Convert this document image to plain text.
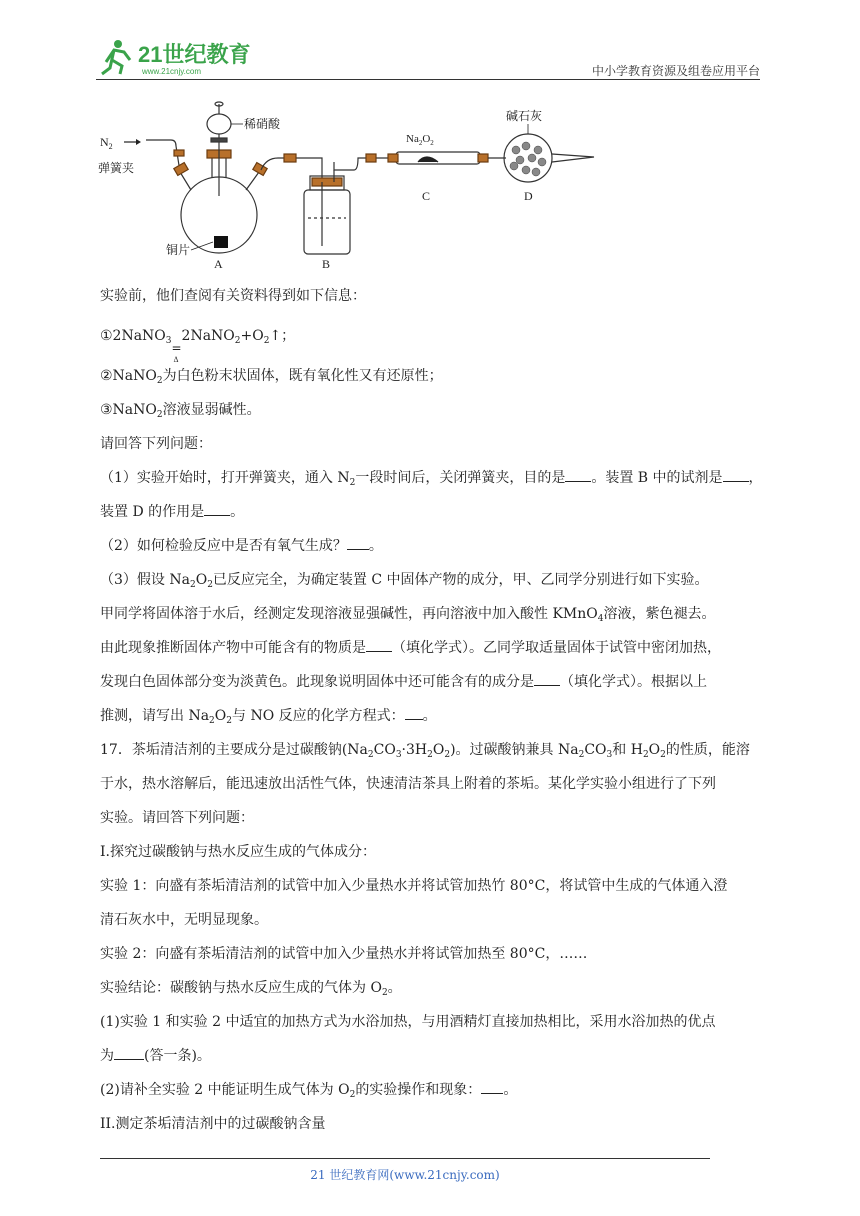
21世纪教育
www.21cnjy.com	中小学教育资源及组卷应用平台
$N_2$
弹簧夹
稀硝酸
铜片
A	B
$Na_2O_2$
C
碱石灰
D
实验前，他们查阅有关资料得到如下信息：
①2NaNO$_3$ =
Δ
$2NaNO_2+O_2↑$；
②NaNO$_2$为白色粉末状固体，既有氧化性又有还原性；
③NaNO$_2$溶液显弱碱性。
请回答下列问题：
（1）实验开始时，打开弹簧夹，通入 $N_2$一段时间后，关闭弹簧夹，目的是 。装置 B 中的试剂是 ，
装置 D 的作用是 。
（2）如何检验反应中是否有氧气生成？ 。
（3）假设 $Na_2O_2$已反应完全，为确定装置 C 中固体产物的成分，甲、乙同学分别进行如下实验。
甲同学将固体溶于水后，经测定发现溶液显强碱性，再向溶液中加入酸性 KMnO$_4$溶液，紫色褪去。
由此现象推断固体产物中可能含有的物质是 （填化学式）。乙同学取适量固体于试管中密闭加热，
发现白色固体部分变为淡黄色。此现象说明固体中还可能含有的成分是 （填化学式）。根据以上
推测，请写出 $Na_2O_2$与 NO 反应的化学方程式： 。
17．茶垢清洁剂的主要成分是过碳酸钠$(Na_2CO_3\cdot 3H_2O_2)$。过碳酸钠兼具 $Na_2CO_3$和 $H_2O_2$的性质，能溶
于水，热水溶解后，能迅速放出活性气体，快速清洁茶具上附着的茶垢。某化学实验小组进行了下列
实验。请回答下列问题：
I.探究过碳酸钠与热水反应生成的气体成分：
实验 1：向盛有茶垢清洁剂的试管中加入少量热水并将试管加热竹 80°C，将试管中生成的气体通入澄
清石灰水中，无明显现象。
实验 2：向盛有茶垢清洁剂的试管中加入少量热水并将试管加热至 80°C，……
实验结论：碳酸钠与热水反应生成的气体为 $O_2$。
(1)实验 1 和实验 2 中适宜的加热方式为水浴加热，与用酒精灯直接加热相比，采用水浴加热的优点
为 (答一条)。
(2)请补全实验 2 中能证明生成气体为 $O_2$的实验操作和现象： 。
II.测定茶垢清洁剂中的过碳酸钠含量
21 世纪教育网(www.21cnjy.com)
